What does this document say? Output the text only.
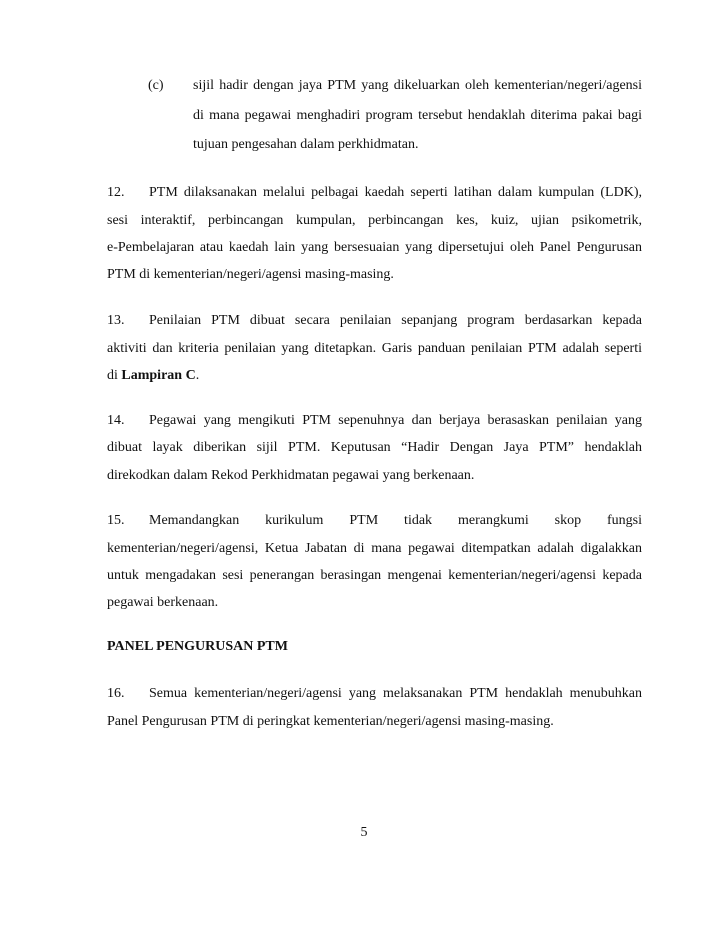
(c) sijil hadir dengan jaya PTM yang dikeluarkan oleh kementerian/negeri/agensi
di mana pegawai menghadiri program tersebut hendaklah diterima pakai bagi
tujuan pengesahan dalam perkhidmatan.
12. PTM dilaksanakan melalui pelbagai kaedah seperti latihan dalam kumpulan (LDK),
sesi interaktif, perbincangan kumpulan, perbincangan kes, kuiz, ujian psikometrik,
e-Pembelajaran atau kaedah lain yang bersesuaian yang dipersetujui oleh Panel Pengurusan
PTM di kementerian/negeri/agensi masing-masing.
13. Penilaian PTM dibuat secara penilaian sepanjang program berdasarkan kepada
aktiviti dan kriteria penilaian yang ditetapkan. Garis panduan penilaian PTM adalah seperti
di Lampiran C.
14. Pegawai yang mengikuti PTM sepenuhnya dan berjaya berasaskan penilaian yang
dibuat layak diberikan sijil PTM. Keputusan “Hadir Dengan Jaya PTM” hendaklah
direkodkan dalam Rekod Perkhidmatan pegawai yang berkenaan.
15. Memandangkan kurikulum PTM tidak merangkumi skop fungsi
kementerian/negeri/agensi, Ketua Jabatan di mana pegawai ditempatkan adalah digalakkan
untuk mengadakan sesi penerangan berasingan mengenai kementerian/negeri/agensi kepada
pegawai berkenaan.
PANEL PENGURUSAN PTM
16. Semua kementerian/negeri/agensi yang melaksanakan PTM hendaklah menubuhkan
Panel Pengurusan PTM di peringkat kementerian/negeri/agensi masing-masing.
5
